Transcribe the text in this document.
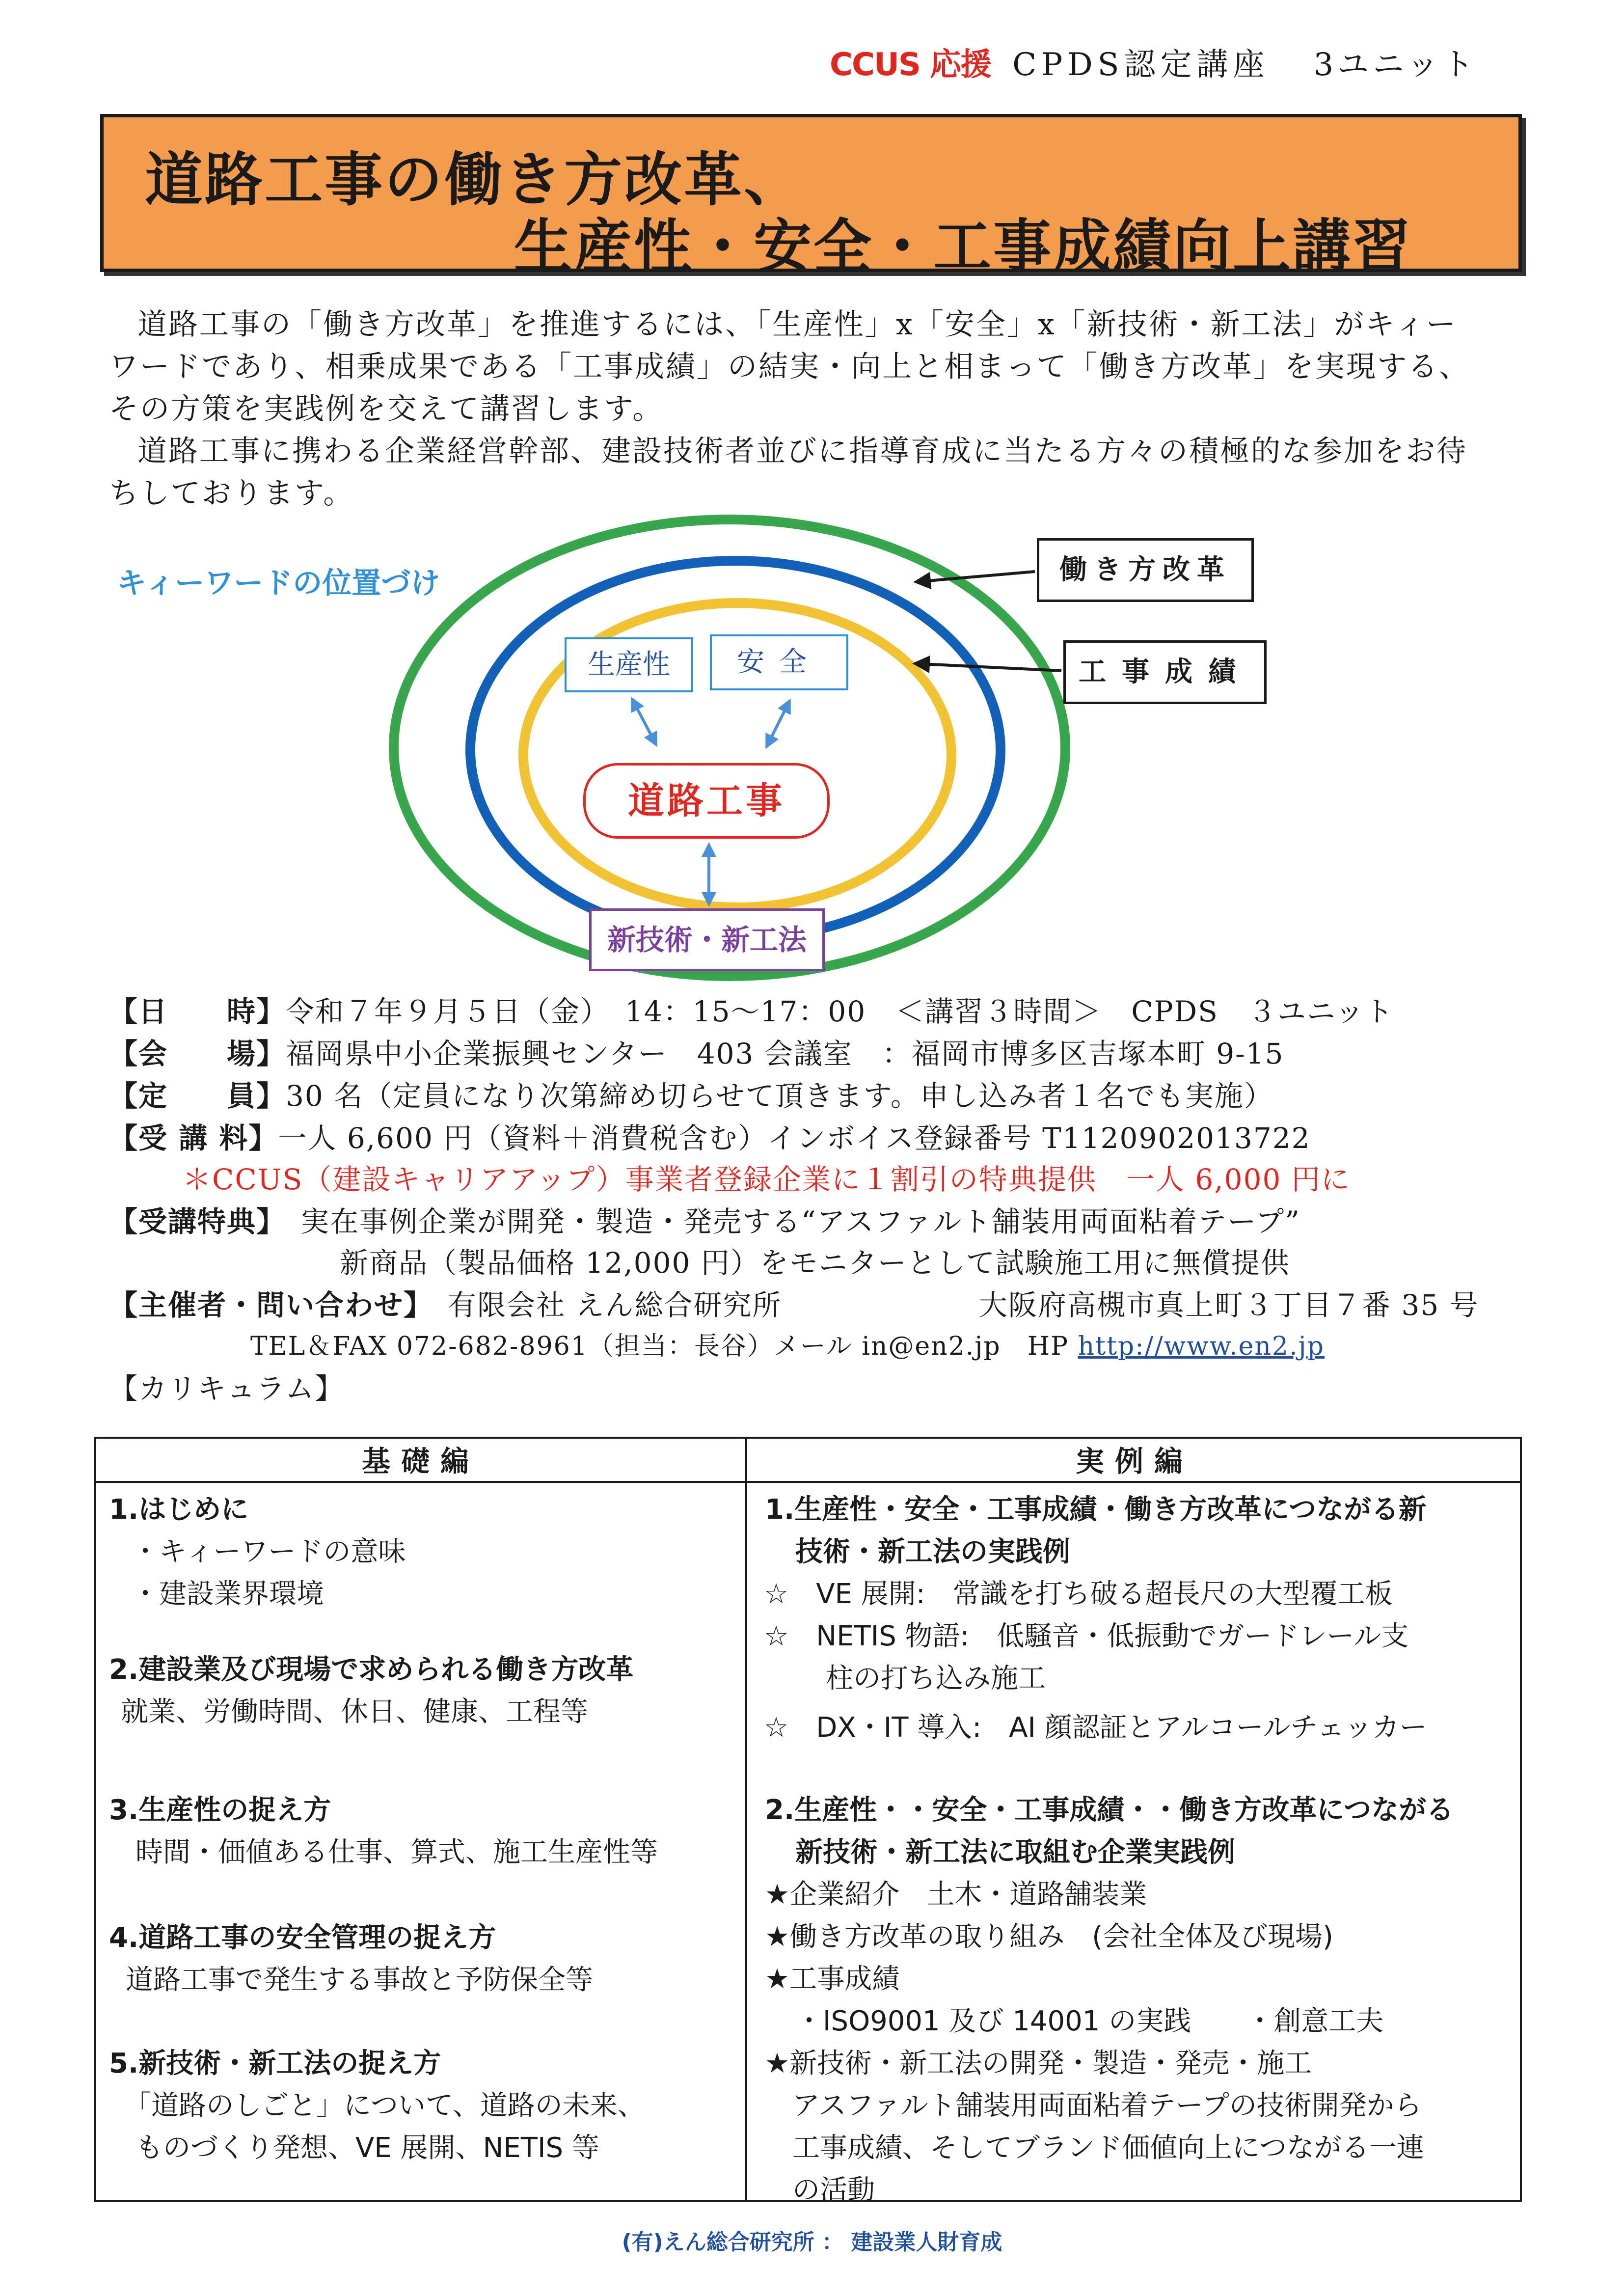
CCUS 応援 CPDS認定講座 3ユニット
道路工事の働き方改革、
生産性・安全・工事成績向上講習
道路工事の「働き方改革」を推進するには、「生産性」x「安全」x「新技術・新工法」がキィー
ワードであり、相乗成果である「工事成績」の結実・向上と相まって「働き方改革」を実現する、
その方策を実践例を交えて講習します。
道路工事に携わる企業経営幹部、建設技術者並びに指導育成に当たる方々の積極的な参加をお待
ちしております。
キィーワードの位置づけ
生産性	安全
道路工事
新技術・新工法
働き方改革
工事成績
【日　　時】令和７年９月５日（金）　14：15～17：00　＜講習３時間＞　CPDS　３ユニット
【会　　場】福岡県中小企業振興センター　403 会議室　：福岡市博多区吉塚本町 9-15
【定　　員】30 名（定員になり次第締め切らせて頂きます。申し込み者１名でも実施）
【受 講 料】一人 6,600 円（資料＋消費税含む）インボイス登録番号 T1120902013722
＊CCUS（建設キャリアアップ）事業者登録企業に１割引の特典提供　一人 6,000 円に
【受講特典】 実在事例企業が開発・製造・発売する“アスファルト舗装用両面粘着テープ”
新商品（製品価格 12,000 円）をモニターとして試験施工用に無償提供
【主催者・問い合わせ】 有限会社 えん総合研究所	大阪府高槻市真上町３丁目７番 35 号
TEL＆FAX 072-682-8961（担当：長谷）メール in@en2.jp　HP http://www.en2.jp
【カリキュラム】
基礎編	実例編
1.はじめに
・キィーワードの意味
・建設業界環境
2.建設業及び現場で求められる働き方改革
就業、労働時間、休日、健康、工程等
3.生産性の捉え方
時間・価値ある仕事、算式、施工生産性等
4.道路工事の安全管理の捉え方
道路工事で発生する事故と予防保全等
5.新技術・新工法の捉え方
「道路のしごと」について、道路の未来、
ものづくり発想、VE 展開、NETIS 等
1.生産性・安全・工事成績・働き方改革につながる新
技術・新工法の実践例
☆　VE 展開:　常識を打ち破る超長尺の大型覆工板
☆　NETIS 物語:　低騒音・低振動でガードレール支
柱の打ち込み施工
☆　DX・IT 導入:　AI 顔認証とアルコールチェッカー
2.生産性・・安全・工事成績・・働き方改革につながる
新技術・新工法に取組む企業実践例
★企業紹介　土木・道路舗装業
★働き方改革の取り組み　(会社全体及び現場)
★工事成績
・ISO9001 及び 14001 の実践　　・創意工夫
★新技術・新工法の開発・製造・発売・施工
アスファルト舗装用両面粘着テープの技術開発から
工事成績、そしてブランド価値向上につながる一連
の活動
(有)えん総合研究所 ： 建設業人財育成
